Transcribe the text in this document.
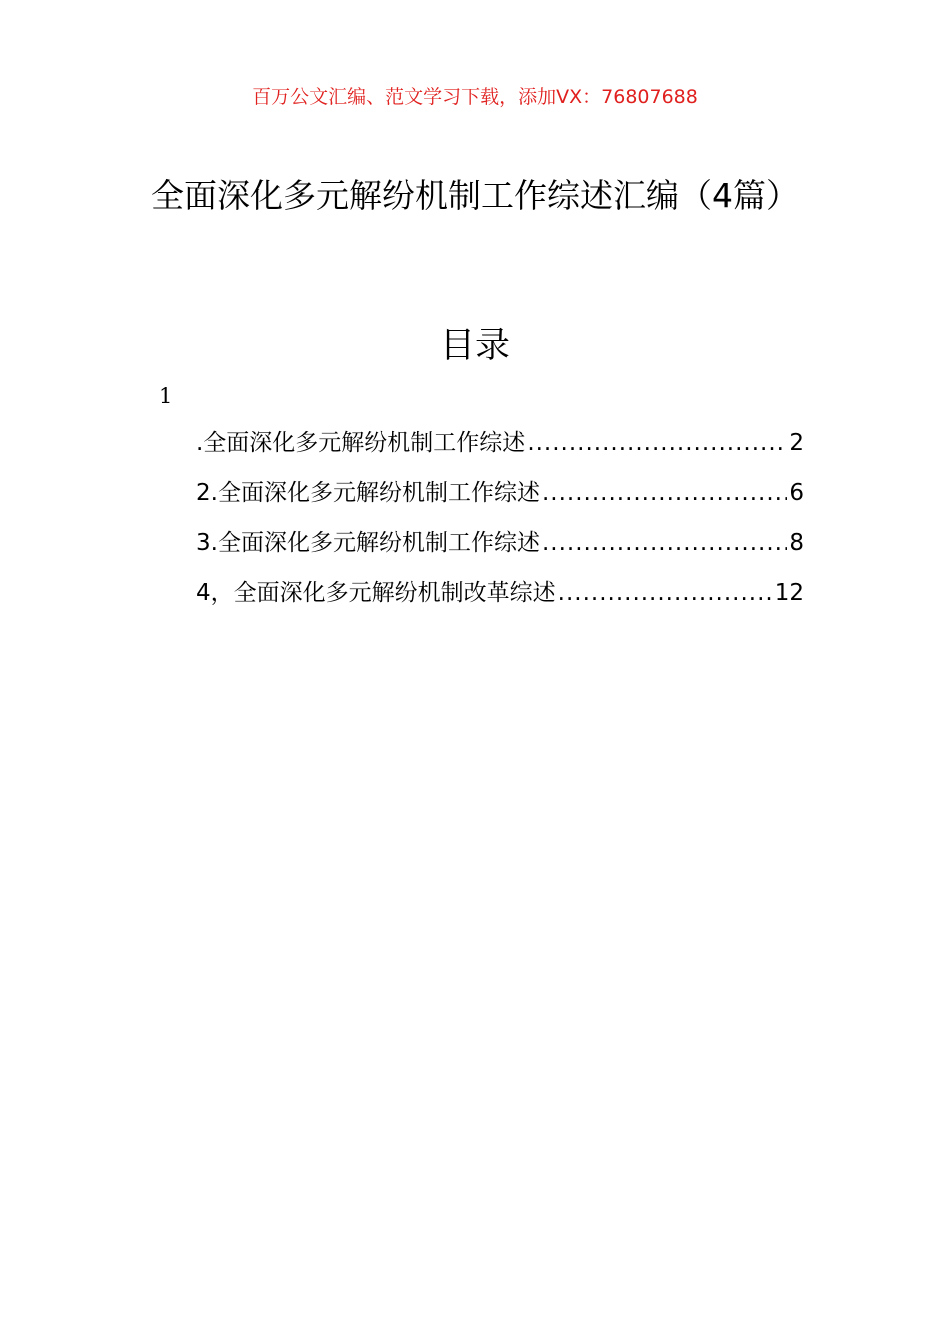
百万公文汇编、范文学习下载，添加VX：76807688
全面深化多元解纷机制工作综述汇编（4篇）
目录
1
.全面深化多元解纷机制工作综述 .....	2
2.全面深化多元解纷机制工作综述 .....	6
3.全面深化多元解纷机制工作综述 .....	8
4，全面深化多元解纷机制改革综述 .....	12
